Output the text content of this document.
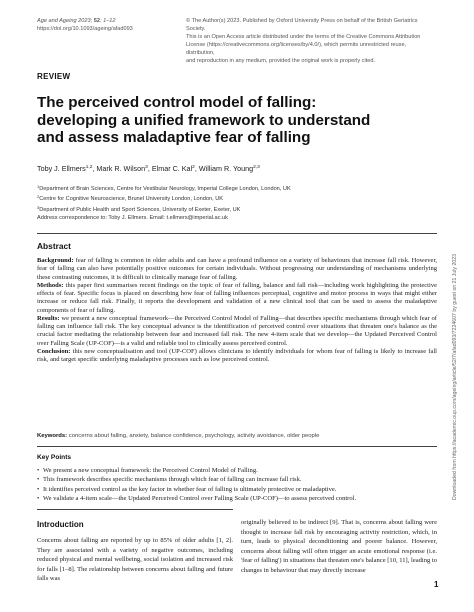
Age and Ageing 2023; 52: 1–12
https://doi.org/10.1093/ageing/afad093

© The Author(s) 2023. Published by Oxford University Press on behalf of the British Geriatrics Society.

This is an Open Access article distributed under the terms of the Creative Commons Attribution

License (https://creativecommons.org/licenses/by/4.0/), which permits unrestricted reuse, distribution,

and reproduction in any medium, provided the original work is properly cited.

REVIEW
The perceived control model of falling:
developing a unified framework to understand
and assess maladaptive fear of falling
Toby J. Ellmers$^{1,2}$, Mark R. Wilson$^3$, Elmar C. Kal$^2$, William R. Young$^{2,3}$
$^1$Department of Brain Sciences, Centre for Vestibular Neurology, Imperial College London, London, UK
$^2$Centre for Cognitive Neuroscience, Brunel University London, London, UK
$^3$Department of Public Health and Sport Sciences, University of Exeter, Exeter, UK
Address correspondence to: Toby J. Ellmers. Email: t.ellmers@imperial.ac.uk
Abstract

Background: fear of falling is common in older adults and can have a profound influence on a variety of behaviours that increase fall risk. However, fear of falling can also have potentially positive outcomes for certain individuals. Without progressing our understanding of mechanisms underlying these contrasting outcomes, it is difficult to clinically manage fear of falling.

Methods: this paper first summarises recent findings on the topic of fear of falling, balance and fall risk—including work highlighting the protective effects of fear. Specific focus is placed on describing how fear of falling influences perceptual, cognitive and motor process in ways that might either increase or reduce fall risk. Finally, it reports the development and validation of a new clinical tool that can be used to assess the maladaptive components of fear of falling.

Results: we present a new conceptual framework—the Perceived Control Model of Falling—that describes specific mechanisms through which fear of falling can influence fall risk. The key conceptual advance is the identification of perceived control over situations that threaten one's balance as the crucial factor mediating the relationship between fear and increased fall risk. The new 4-item scale that we develop—the Updated Perceived Control over Falling Scale (UP-COF)—is a valid and reliable tool to clinically assess perceived control.

Conclusion: this new conceptualisation and tool (UP-COF) allows clinicians to identify individuals for whom fear of falling is likely to increase fall risk, and target specific underlying maladaptive processes such as low perceived control.

Keywords: concerns about falling, anxiety, balance confidence, psychology, activity avoidance, older people
Key Points
• We present a new conceptual framework: the Perceived Control Model of Falling.
• This framework describes specific mechanisms through which fear of falling can increase fall risk.
• It identifies perceived control as the key factor in whether fear of falling is ultimately protective or maladaptive.
• We validate a 4-item scale—the Updated Perceived Control over Falling Scale (UP-COF)—to assess perceived control.
Introduction

Concerns about falling are reported by up to 85% of older adults [1, 2]. They are associated with a variety of negative outcomes, including reduced physical and mental wellbeing, social isolation and increased risk for falls [1–8]. The relationship between concerns about falling and future falls was

originally believed to be indirect [9]. That is, concerns about falling were thought to increase fall risk by encouraging activity restriction, which, in turn, leads to physical deconditioning and poorer balance. However, concerns about falling will often trigger an acute emotional response (i.e. 'fear of falling') in situations that threaten one's balance [10, 11], leading to changes in behaviour that may directly increase

Downloaded from https://academic.oup.com/ageing/article/52/7/afad093/7224607 by guest on 21 July 2023
1
